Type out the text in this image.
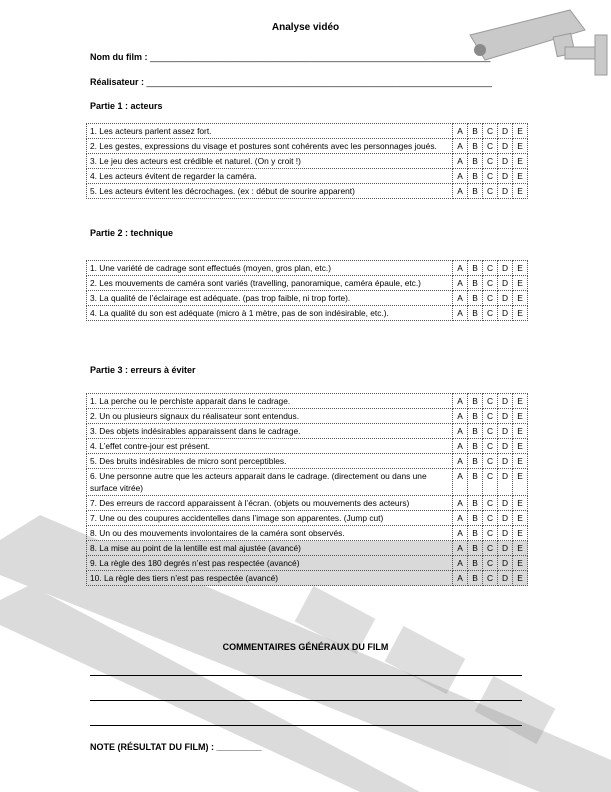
Analyse vidéo
Nom du film : ____________________________________________________________________
Réalisateur : _____________________________________________________________________
Partie 1 : acteurs
1. Les acteurs parlent assez fort.	A	B	C	D	E
2. Les gestes, expressions du visage et postures sont cohérents avec les personnages joués.	A	B	C	D	E
3. Le jeu des acteurs est crédible et naturel. (On y croit !)	A	B	C	D	E
4. Les acteurs évitent de regarder la caméra.	A	B	C	D	E
5. Les acteurs évitent les décrochages. (ex : début de sourire apparent)	A	B	C	D	E
Partie 2 : technique
1. Une variété de cadrage sont effectués (moyen, gros plan, etc.)	A	B	C	D	E
2. Les mouvements de caméra sont variés (travelling, panoramique, caméra épaule, etc.)	A	B	C	D	E
3. La qualité de l’éclairage est adéquate. (pas trop faible, ni trop forte).	A	B	C	D	E
4. La qualité du son est adéquate (micro à 1 mètre, pas de son indésirable, etc.).	A	B	C	D	E
Partie 3 : erreurs à éviter
1. La perche ou le perchiste apparait dans le cadrage.	A	B	C	D	E
2. Un ou plusieurs signaux du réalisateur sont entendus.	A	B	C	D	E
3. Des objets indésirables apparaissent dans le cadrage.	A	B	C	D	E
4. L’effet contre-jour est présent.	A	B	C	D	E
5. Des bruits indésirables de micro sont perceptibles.	A	B	C	D	E
6. Une personne autre que les acteurs apparait dans le cadrage. (directement ou dans une surface vitrée)	A	B	C	D	E
7. Des erreurs de raccord apparaissent à l’écran. (objets ou mouvements des acteurs)	A	B	C	D	E
7. Une ou des coupures accidentelles dans l’image son apparentes. (Jump cut)	A	B	C	D	E
8. Un ou des mouvements involontaires de la caméra sont observés.	A	B	C	D	E
8. La mise au point de la lentille est mal ajustée (avancé)	A	B	C	D	E
9. La règle des 180 degrés n’est pas respectée (avancé)	A	B	C	D	E
10. La règle des tiers n’est pas respectée (avancé)	A	B	C	D	E
COMMENTAIRES GÉNÉRAUX DU FILM
NOTE (RÉSULTAT DU FILM) : _________
